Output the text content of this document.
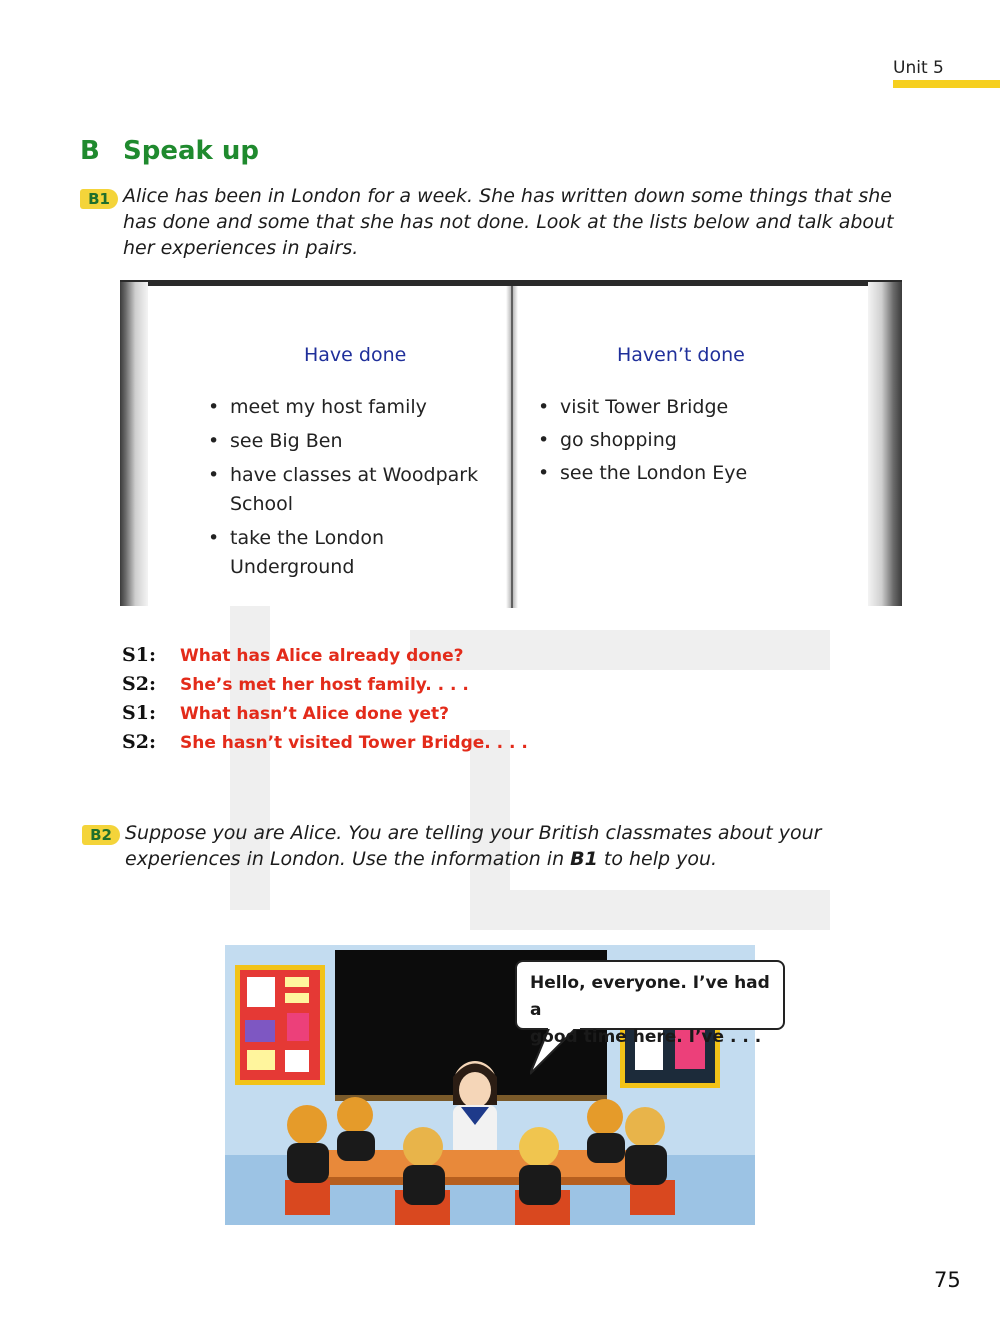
Unit 5
B Speak up
B1 Alice has been in London for a week. She has written down some things that she
has done and some that she has not done. Look at the lists below and talk about
her experiences in pairs.
Have done
• meet my host family
• see Big Ben
• have classes at Woodpark
School
• take the London
Underground
Haven’t done
• visit Tower Bridge
• go shopping
• see the London Eye
S1: What has Alice already done?
S2: She’s met her host family. . . .
S1: What hasn’t Alice done yet?
S2: She hasn’t visited Tower Bridge. . . .
B2 Suppose you are Alice. You are telling your British classmates about your
experiences in London. Use the information in B1 to help you.
Hello, everyone. I’ve had a
good time here. I’ve . . .
75
